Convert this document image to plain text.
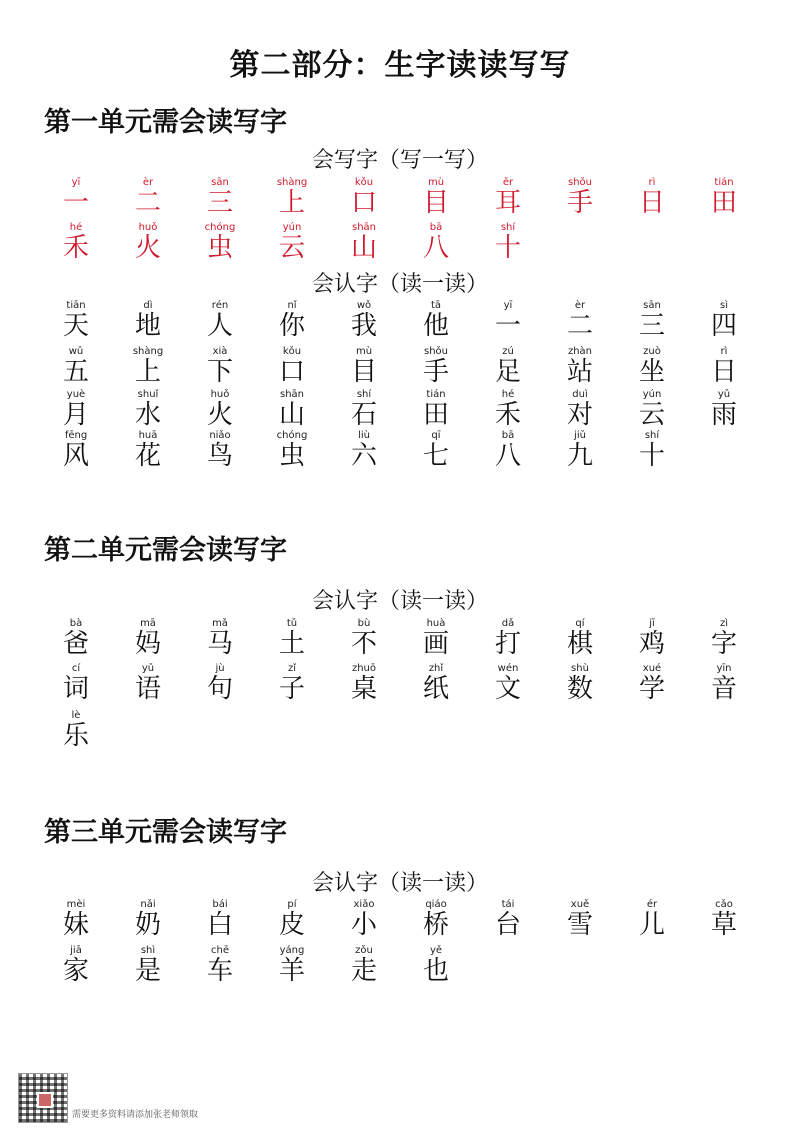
第二部分：生字读读写写
第一单元需会读写字
会写字（写一写）
yī
一
èr
二
sān
三
shàng
上
kǒu
口
mù
目
ěr
耳
shǒu
手
rì
日
tián
田
hé
禾
huǒ
火
chóng
虫
yún
云
shān
山
bā
八
shí
十
会认字（读一读）
tiān
天
dì
地
rén
人
nǐ
你
wǒ
我
tā
他
yī
一
èr
二
sān
三
sì
四
wǔ
五
shàng
上
xià
下
kǒu
口
mù
目
shǒu
手
zú
足
zhàn
站
zuò
坐
rì
日
yuè
月
shuǐ
水
huǒ
火
shān
山
shí
石
tián
田
hé
禾
duì
对
yún
云
yǔ
雨
fēng
风
huā
花
niǎo
鸟
chóng
虫
liù
六
qī
七
bā
八
jiǔ
九
shí
十
第二单元需会读写字
会认字（读一读）
bà
爸
mā
妈
mǎ
马
tǔ
土
bù
不
huà
画
dǎ
打
qí
棋
jī
鸡
zì
字
cí
词
yǔ
语
jù
句
zǐ
子
zhuō
桌
zhǐ
纸
wén
文
shù
数
xué
学
yīn
音
lè
乐
第三单元需会读写字
会认字（读一读）
mèi
妹
nǎi
奶
bái
白
pí
皮
xiǎo
小
qiáo
桥
tái
台
xuě
雪
ér
儿
cǎo
草
jiā
家
shì
是
chē
车
yáng
羊
zǒu
走
yě
也
需要更多资料请添加张老师领取
